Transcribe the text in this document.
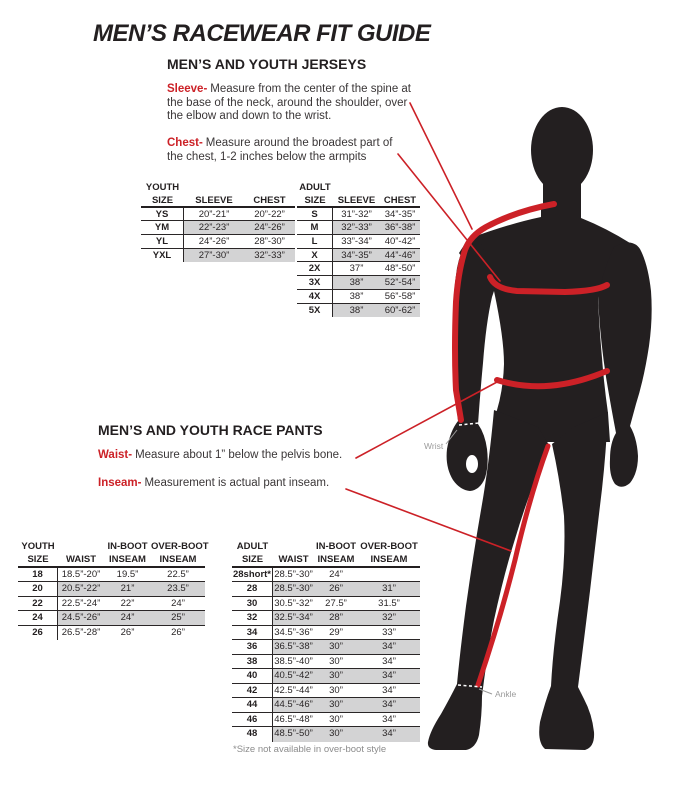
Wrist
Ankle
MEN’S RACEWEAR FIT GUIDE
MEN’S AND YOUTH JERSEYS
Sleeve- Measure from the center of the spine at the base of the neck, around the shoulder, over the elbow and down to the wrist.
Chest- Measure around the broadest part of the chest, 1-2 inches below the armpits
YOUTH
SIZE	SLEEVE	CHEST
YS	20”-21”	20”-22”
YM	22”-23”	24”-26”
YL	24”-26”	28”-30”
YXL	27”-30”	32”-33”
ADULT
SIZE	SLEEVE CHEST
S	31”-32”	34”-35”
M	32”-33”	36”-38”
L	33”-34”	40”-42”
X	34”-35”	44”-46”
2X	37”	48”-50”
3X	38”	52”-54”
4X	38”	56”-58”
5X	38”	60”-62”
MEN’S AND YOUTH RACE PANTS
Waist- Measure about 1” below the pelvis bone.
Inseam- Measurement is actual pant inseam.
YOUTH	IN-BOOT OVER-BOOT
SIZE	WAIST	INSEAM	INSEAM
18	18.5”-20”	19.5”	22.5”
20	20.5”-22”	21”	23.5”
22	22.5”-24”	22”	24”
24	24.5”-26”	24”	25”
26	26.5”-28”	26”	26”
ADULT	IN-BOOT OVER-BOOT
SIZE	WAIST INSEAM	INSEAM
28short* 28.5”-30”	24”
28	28.5”-30”	26”	31”
30	30.5”-32”	27.5”	31.5”
32	32.5”-34”	28”	32”
34	34.5”-36”	29”	33”
36	36.5”-38”	30”	34”
38	38.5”-40”	30”	34”
40	40.5”-42”	30”	34”
42	42.5”-44”	30”	34”
44	44.5”-46”	30”	34”
46	46.5”-48”	30”	34”
48	48.5”-50”	30”	34”
*Size not available in over-boot style
